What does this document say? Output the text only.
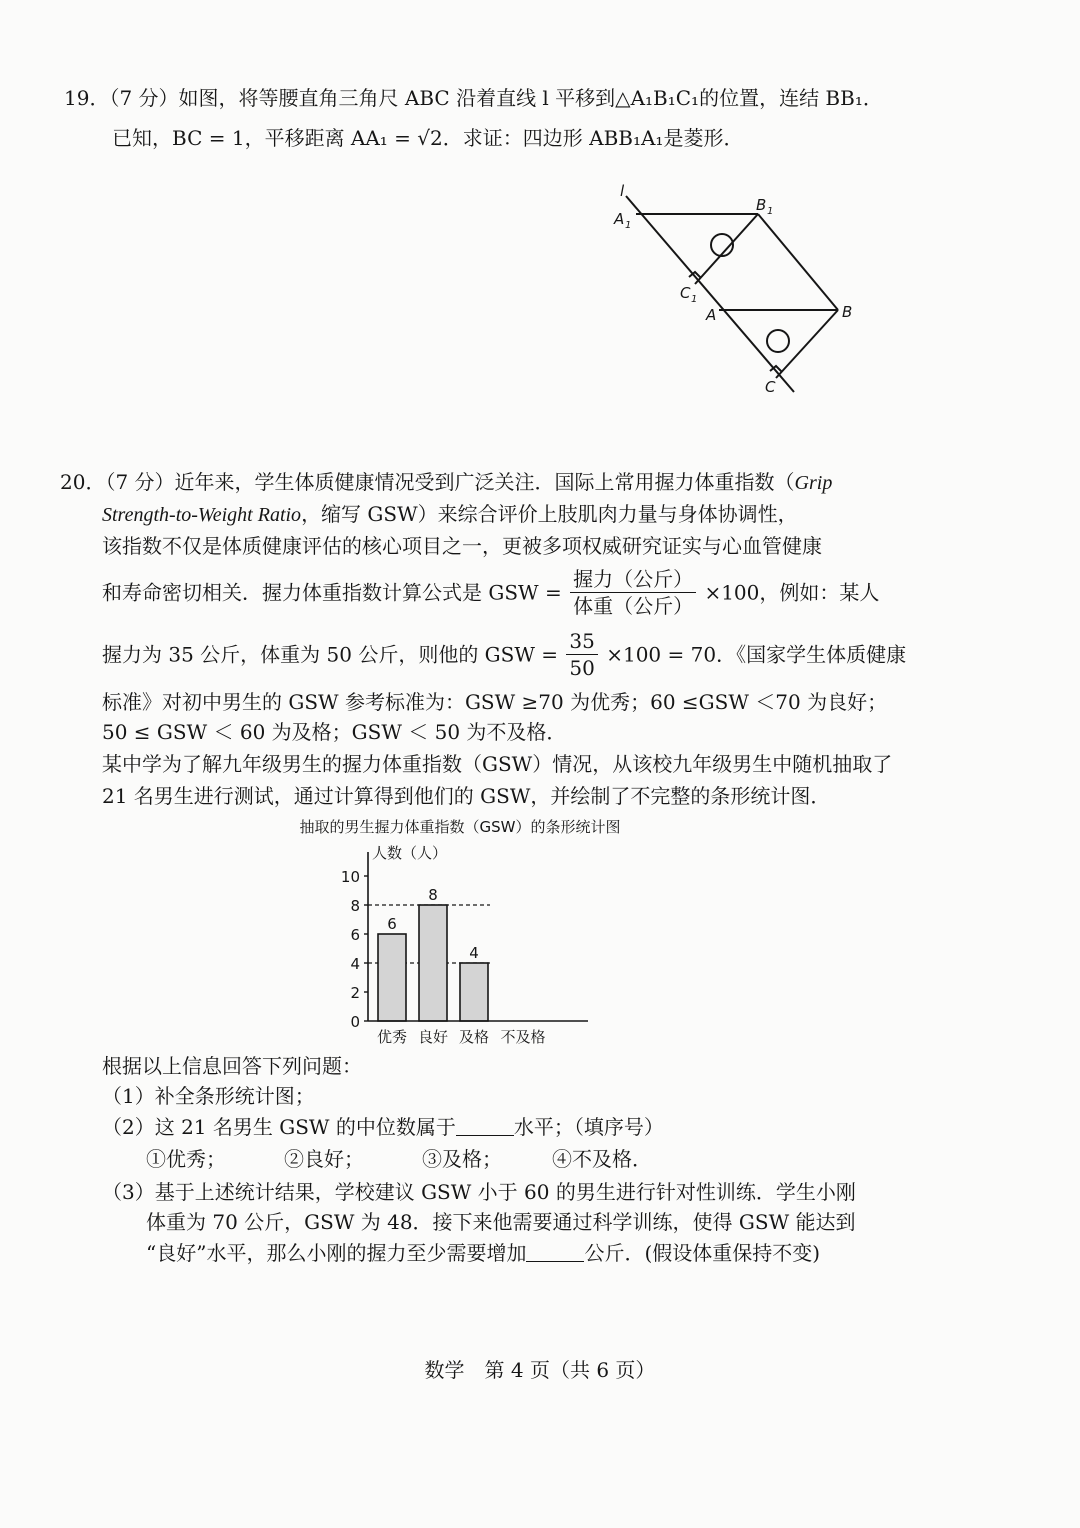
19．（7 分）如图，将等腰直角三角尺 ABC 沿着直线 l 平移到△A₁B₁C₁的位置，连结 BB₁．
已知，BC = 1，平移距离 AA₁ = √2．求证：四边形 ABB₁A₁是菱形．
l
A 1
B 1
C 1
A	B
C
20．（7 分）近年来，学生体质健康情况受到广泛关注．国际上常用握力体重指数（Grip
Strength-to-Weight Ratio，缩写 GSW）来综合评价上肢肌肉力量与身体协调性，
该指数不仅是体质健康评估的核心项目之一，更被多项权威研究证实与心血管健康
和寿命密切相关．握力体重指数计算公式是 GSW = $\frac{\text{握力（公斤）}}{\text{体重（公斤）}} \times 100$，例如：某人
握力为 35 公斤，体重为 50 公斤，则他的 GSW = $\frac{35}{50} \times 100 = 70$．《国家学生体质健康
标准》对初中男生的 GSW 参考标准为：GSW ≥70 为优秀；60 ≤GSW ＜70 为良好；
50 ≤ GSW ＜ 60 为及格；GSW ＜ 50 为不及格．
某中学为了解九年级男生的握力体重指数（GSW）情况，从该校九年级男生中随机抽取了
21 名男生进行测试，通过计算得到他们的 GSW，并绘制了不完整的条形统计图．
抽取的男生握力体重指数（GSW）的条形统计图
人数（人）
0
2
4
6
8
10
6
优秀
8
良好
4
及格 不及格
根据以上信息回答下列问题：
（1）补全条形统计图；
（2）这 21 名男生 GSW 的中位数属于	水平；（填序号）
①优秀；	②良好；	③及格；	④不及格．
（3）基于上述统计结果，学校建议 GSW 小于 60 的男生进行针对性训练．学生小刚
体重为 70 公斤，GSW 为 48．接下来他需要通过科学训练，使得 GSW 能达到
“良好”水平，那么小刚的握力至少需要增加	公斤．(假设体重保持不变)
数学　第 4 页（共 6 页）
